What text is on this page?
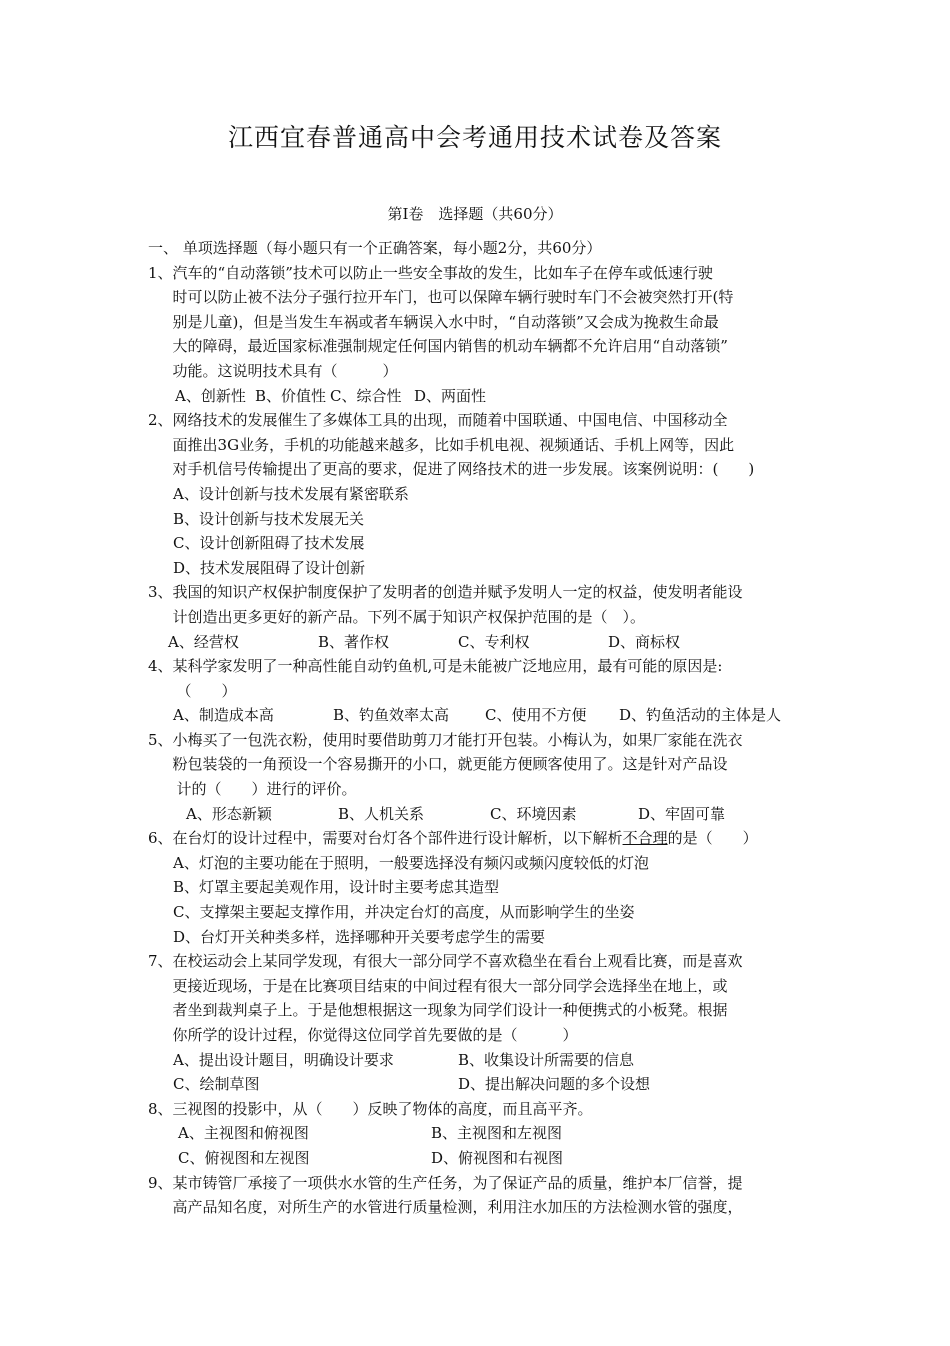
江西宜春普通高中会考通用技术试卷及答案
第Ⅰ卷　选择题（共60分）
一、 单项选择题（每小题只有一个正确答案，每小题2分，共60分）
1、 汽车的“自动落锁”技术可以防止一些安全事故的发生，比如车子在停车或低速行驶
时可以防止被不法分子强行拉开车门，也可以保障车辆行驶时车门不会被突然打开(特
别是儿童)，但是当发生车祸或者车辆误入水中时，“自动落锁”又会成为挽救生命最
大的障碍，最近国家标准强制规定任何国内销售的机动车辆都不允许启用“自动落锁”
功能。这说明技术具有（　　　）
A、创新性 B、价值性 C、综合性 D、两面性
2、 网络技术的发展催生了多媒体工具的出现，而随着中国联通、中国电信、中国移动全
面推出3G业务，手机的功能越来越多，比如手机电视、视频通话、手机上网等，因此
对手机信号传输提出了更高的要求，促进了网络技术的进一步发展。该案例说明：(　　)
A、设计创新与技术发展有紧密联系
B、设计创新与技术发展无关
C、设计创新阻碍了技术发展
D、技术发展阻碍了设计创新
3、 我国的知识产权保护制度保护了发明者的创造并赋予发明人一定的权益，使发明者能设
计创造出更多更好的新产品。下列不属于知识产权保护范围的是（　）。
A、经营权	B、著作权	C、专利权	D、商标权
4、 某科学家发明了一种高性能自动钓鱼机,可是未能被广泛地应用，最有可能的原因是:
（　　）
A、制造成本高	B、钓鱼效率太高	C、使用不方便	D、钓鱼活动的主体是人
5、 小梅买了一包洗衣粉，使用时要借助剪刀才能打开包装。小梅认为，如果厂家能在洗衣
粉包装袋的一角预设一个容易撕开的小口，就更能方便顾客使用了。这是针对产品设
计的（　　）进行的评价。
A、形态新颖	B、人机关系	C、环境因素	D、牢固可靠
6、 在台灯的设计过程中，需要对台灯各个部件进行设计解析，以下解析不合理的是（　　）
A、灯泡的主要功能在于照明，一般要选择没有频闪或频闪度较低的灯泡
B、灯罩主要起美观作用，设计时主要考虑其造型
C、支撑架主要起支撑作用，并决定台灯的高度，从而影响学生的坐姿
D、台灯开关种类多样，选择哪种开关要考虑学生的需要
7、 在校运动会上某同学发现，有很大一部分同学不喜欢稳坐在看台上观看比赛，而是喜欢
更接近现场，于是在比赛项目结束的中间过程有很大一部分同学会选择坐在地上，或
者坐到裁判桌子上。于是他想根据这一现象为同学们设计一种便携式的小板凳。根据
你所学的设计过程，你觉得这位同学首先要做的是（　　　）
A、提出设计题目，明确设计要求	B、收集设计所需要的信息
C、绘制草图	D、提出解决问题的多个设想
8、 三视图的投影中，从（　　）反映了物体的高度，而且高平齐。
A、主视图和俯视图	B、主视图和左视图
C、俯视图和左视图	D、俯视图和右视图
9、 某市铸管厂承接了一项供水水管的生产任务，为了保证产品的质量，维护本厂信誉，提
高产品知名度，对所生产的水管进行质量检测，利用注水加压的方法检测水管的强度，
